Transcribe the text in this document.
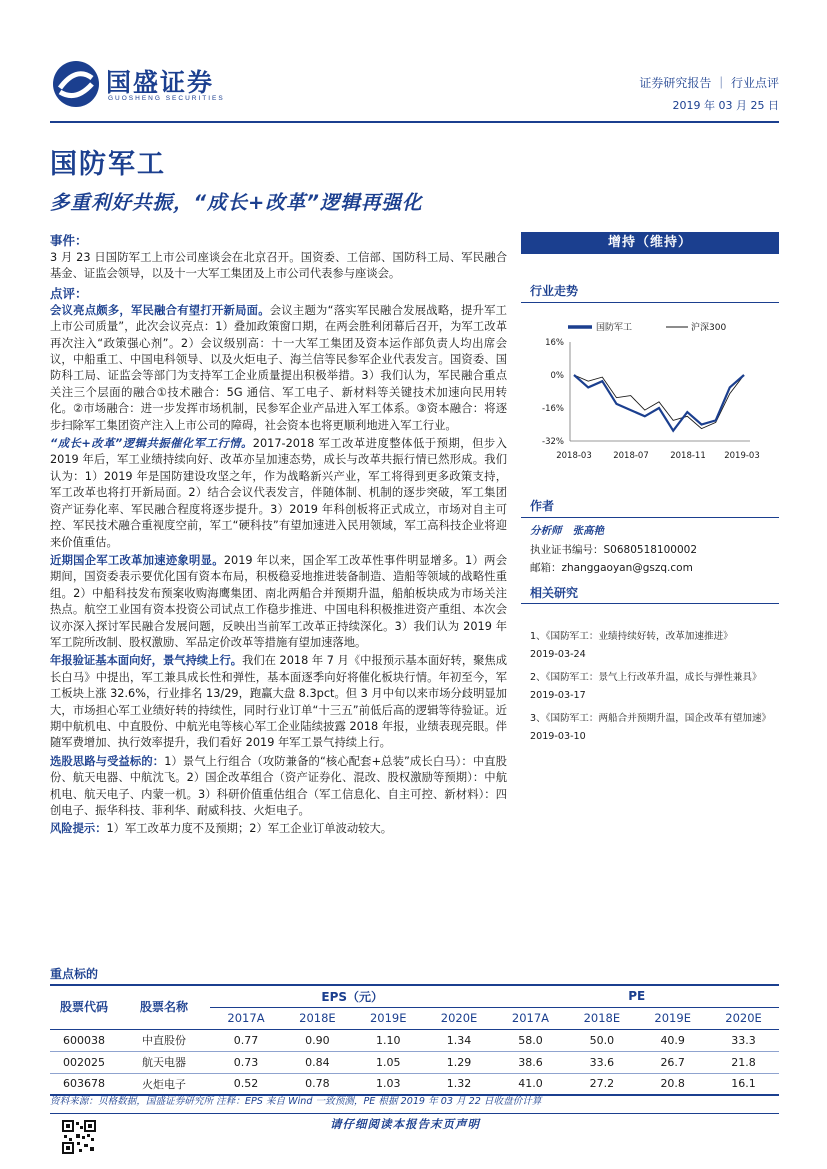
国盛证券
GUOSHENG SECURITIES
证券研究报告 ｜ 行业点评
2019 年 03 月 25 日
国防军工
多重利好共振，“成长+改革”逻辑再强化
事件：
3 月 23 日国防军工上市公司座谈会在北京召开。国资委、工信部、国防科工局、军民融合基金、证监会领导，以及十一大军工集团及上市公司代表参与座谈会。
点评：
会议亮点颇多，军民融合有望打开新局面。会议主题为“落实军民融合发展战略，提升军工上市公司质量”，此次会议亮点：1）叠加政策窗口期，在两会胜利闭幕后召开，为军工改革再次注入“政策强心剂”。2）会议级别高：十一大军工集团及资本运作部负责人均出席会议，中船重工、中国电科领导、以及火炬电子、海兰信等民参军企业代表发言。国资委、国防科工局、证监会等部门为支持军工企业质量提出积极举措。3）我们认为，军民融合重点关注三个层面的融合①技术融合：5G 通信、军工电子、新材料等关键技术加速向民用转化。②市场融合：进一步发挥市场机制，民参军企业产品进入军工体系。③资本融合：将逐步扫除军工集团资产注入上市公司的障碍，社会资本也将更顺利地进入军工行业。
“成长+改革”逻辑共振催化军工行情。2017-2018 军工改革进度整体低于预期，但步入 2019 年后，军工业绩持续向好、改革亦呈加速态势，成长与改革共振行情已然形成。我们认为：1）2019 年是国防建设攻坚之年，作为战略新兴产业，军工将得到更多政策支持，军工改革也将打开新局面。2）结合会议代表发言，伴随体制、机制的逐步突破，军工集团资产证券化率、军民融合程度将逐步提升。3）2019 年科创板将正式成立，市场对自主可控、军民技术融合重视度空前，军工“硬科技”有望加速进入民用领域，军工高科技企业将迎来价值重估。
近期国企军工改革加速迹象明显。2019 年以来，国企军工改革性事件明显增多。1）两会期间，国资委表示要优化国有资本布局，积极稳妥地推进装备制造、造船等领域的战略性重组。2）中船科技发布预案收购海鹰集团、南北两船合并预期升温，船舶板块成为市场关注热点。航空工业国有资本投资公司试点工作稳步推进、中国电科积极推进资产重组、本次会议亦深入探讨军民融合发展问题，反映出当前军工改革正持续深化。3）我们认为 2019 年军工院所改制、股权激励、军品定价改革等措施有望加速落地。
年报验证基本面向好，景气持续上行。我们在 2018 年 7 月《中报预示基本面好转，聚焦成长白马》中提出，军工兼具成长性和弹性，基本面逐季向好将催化板块行情。年初至今，军工板块上涨 32.6%，行业排名 13/29，跑赢大盘 8.3pct。但 3 月中旬以来市场分歧明显加大，市场担心军工业绩好转的持续性，同时行业订单“十三五”前低后高的逻辑等待验证。近期中航机电、中直股份、中航光电等核心军工企业陆续披露 2018 年报，业绩表现亮眼。伴随军费增加、执行效率提升，我们看好 2019 年军工景气持续上行。
选股思路与受益标的：1）景气上行组合（攻防兼备的“核心配套+总装”成长白马）：中直股份、航天电器、中航沈飞。2）国企改革组合（资产证券化、混改、股权激励等预期）：中航机电、航天电子、内蒙一机。3）科研价值重估组合（军工信息化、自主可控、新材料）：四创电子、振华科技、菲利华、耐威科技、火炬电子。
风险提示：1）军工改革力度不及预期；2）军工企业订单波动较大。
增持（维持）
行业走势
国防军工	沪深300
16%
0%
-16%
-32%
2018-03	2018-07	2018-11 2019-03
作者
分析师 张高艳
执业证书编号：S0680518100002
邮箱：zhanggaoyan@gszq.com
相关研究
1、《国防军工：业绩持续好转，改革加速推进》
2019-03-24
2、《国防军工：景气上行改革升温，成长与弹性兼具》
2019-03-17
3、《国防军工：两船合并预期升温，国企改革有望加速》
2019-03-10
重点标的
股票代码	股票名称	EPS（元）				PE			
		2017A	2018E	2019E	2020E	2017A	2018E	2019E	2020E
600038	中直股份	0.77	0.90	1.10	1.34	58.0	50.0	40.9	33.3
002025	航天电器	0.73	0.84	1.05	1.29	38.6	33.6	26.7	21.8
603678	火炬电子	0.52	0.78	1.03	1.32	41.0	27.2	20.8	16.1
资料来源：贝格数据，国盛证券研究所 注释：EPS 来自 Wind 一致预测，PE 根据 2019 年 03 月 22 日收盘价计算
请仔细阅读本报告末页声明
